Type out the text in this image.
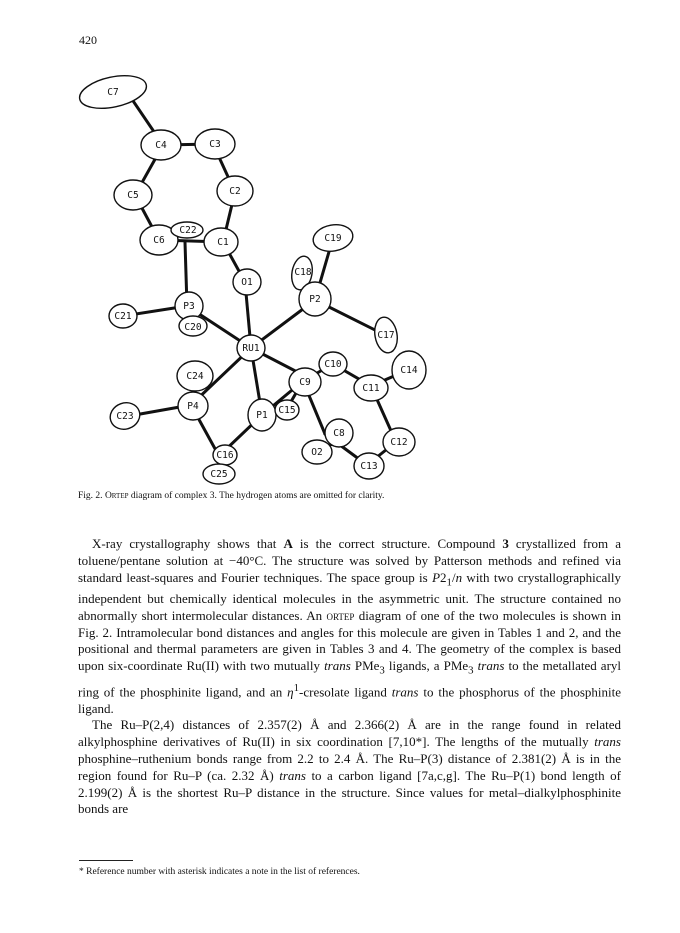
420
C7
C4	C3
C5	C2
C6
C22
C1	C19
C18
O1
P2
C21
P3
C20
C17
RU1
C10
C14
C24
C9
C11
C23
P4
P1 C15
C8
O2
C12
C13
C16
C25
Fig. 2. Ortep diagram of complex 3. The hydrogen atoms are omitted for clarity.

X-ray crystallography shows that A is the correct structure. Compound 3 crystallized from a toluene/pentane solution at −40°C. The structure was solved by Patterson methods and refined via standard least-squares and Fourier techniques. The space group is $P2_1/n$ with two crystallographically independent but chemically identical molecules in the asymmetric unit. The structure contained no abnormally short intermolecular distances. An ortep diagram of one of the two molecules is shown in Fig. 2. Intramolecular bond distances and angles for this molecule are given in Tables 1 and 2, and the positional and thermal parameters are given in Tables 3 and 4. The geometry of the complex is based upon six-coordinate Ru(II) with two mutually trans PMe$_3$ ligands, a PMe$_3$ trans to the metallated aryl ring of the phosphinite ligand, and an $\eta^1$-cresolate ligand trans to the phosphorus of the phosphinite ligand.

The Ru–P(2,4) distances of 2.357(2) Å and 2.366(2) Å are in the range found in related alkylphosphine derivatives of Ru(II) in six coordination [7,10*]. The lengths of the mutually trans phosphine–ruthenium bonds range from 2.2 to 2.4 Å. The Ru–P(3) distance of 2.381(2) Å is in the region found for Ru–P (ca. 2.32 Å) trans to a carbon ligand [7a,c,g]. The Ru–P(1) bond length of 2.199(2) Å is the shortest Ru–P distance in the structure. Since values for metal–dialkylphosphinite bonds are

* Reference number with asterisk indicates a note in the list of references.
